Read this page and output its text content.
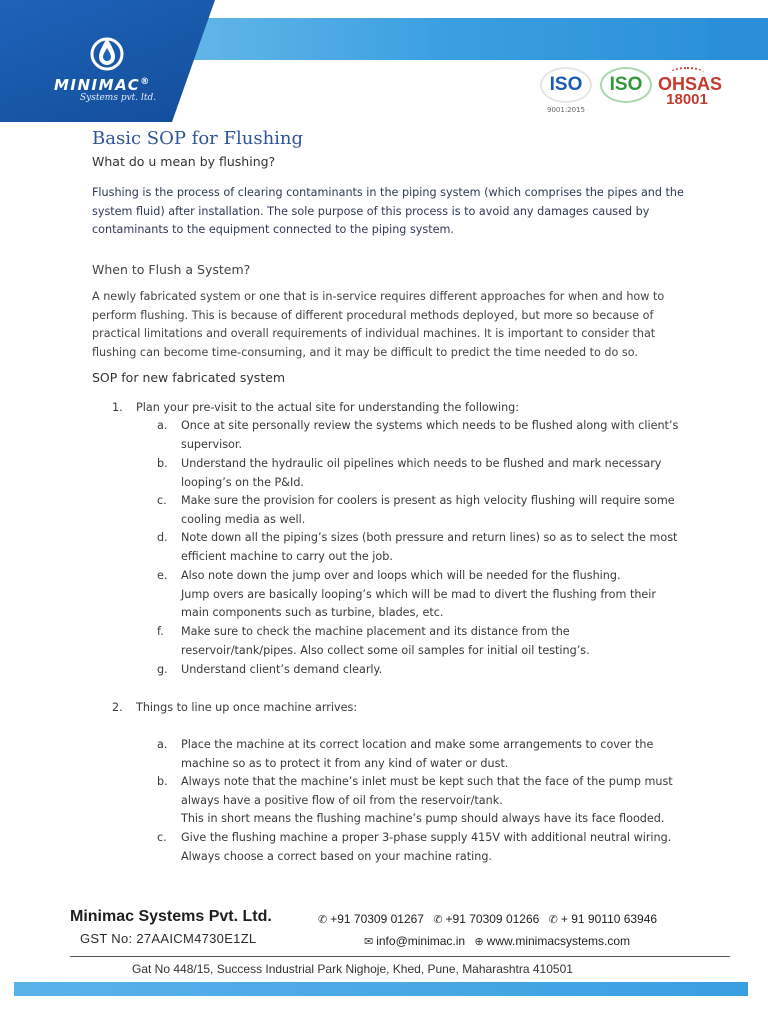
MINIMAC®
Systems pvt. ltd.
ISO
9001:2015
ISO OHSAS
18001
Basic SOP for Flushing
What do u mean by flushing?
Flushing is the process of clearing contaminants in the piping system (which comprises the pipes and the
system fluid) after installation. The sole purpose of this process is to avoid any damages caused by
contaminants to the equipment connected to the piping system.
When to Flush a System?
A newly fabricated system or one that is in-service requires different approaches for when and how to
perform flushing. This is because of different procedural methods deployed, but more so because of
practical limitations and overall requirements of individual machines. It is important to consider that
flushing can become time-consuming, and it may be difficult to predict the time needed to do so.
SOP for new fabricated system
1. Plan your pre-visit to the actual site for understanding the following:
a. Once at site personally review the systems which needs to be flushed along with client’s
supervisor.
b. Understand the hydraulic oil pipelines which needs to be flushed and mark necessary
looping’s on the P&Id.
c. Make sure the provision for coolers is present as high velocity flushing will require some
cooling media as well.
d. Note down all the piping’s sizes (both pressure and return lines) so as to select the most
efficient machine to carry out the job.
e. Also note down the jump over and loops which will be needed for the flushing.
Jump overs are basically looping’s which will be mad to divert the flushing from their
main components such as turbine, blades, etc.
f. Make sure to check the machine placement and its distance from the
reservoir/tank/pipes. Also collect some oil samples for initial oil testing’s.
g. Understand client’s demand clearly.
2. Things to line up once machine arrives:
a. Place the machine at its correct location and make some arrangements to cover the
machine so as to protect it from any kind of water or dust.
b. Always note that the machine’s inlet must be kept such that the face of the pump must
always have a positive flow of oil from the reservoir/tank.
This in short means the flushing machine’s pump should always have its face flooded.
c. Give the flushing machine a proper 3-phase supply 415V with additional neutral wiring.
Always choose a correct based on your machine rating.
Minimac Systems Pvt. Ltd.
GST No: 27AAICM4730E1ZL
✆ +91 70309 01267 ✆ +91 70309 01266 ✆ + 91 90110 63946
✉ info@minimac.in ⊕ www.minimacsystems.com
Gat No 448/15, Success Industrial Park Nighoje, Khed, Pune, Maharashtra 410501
